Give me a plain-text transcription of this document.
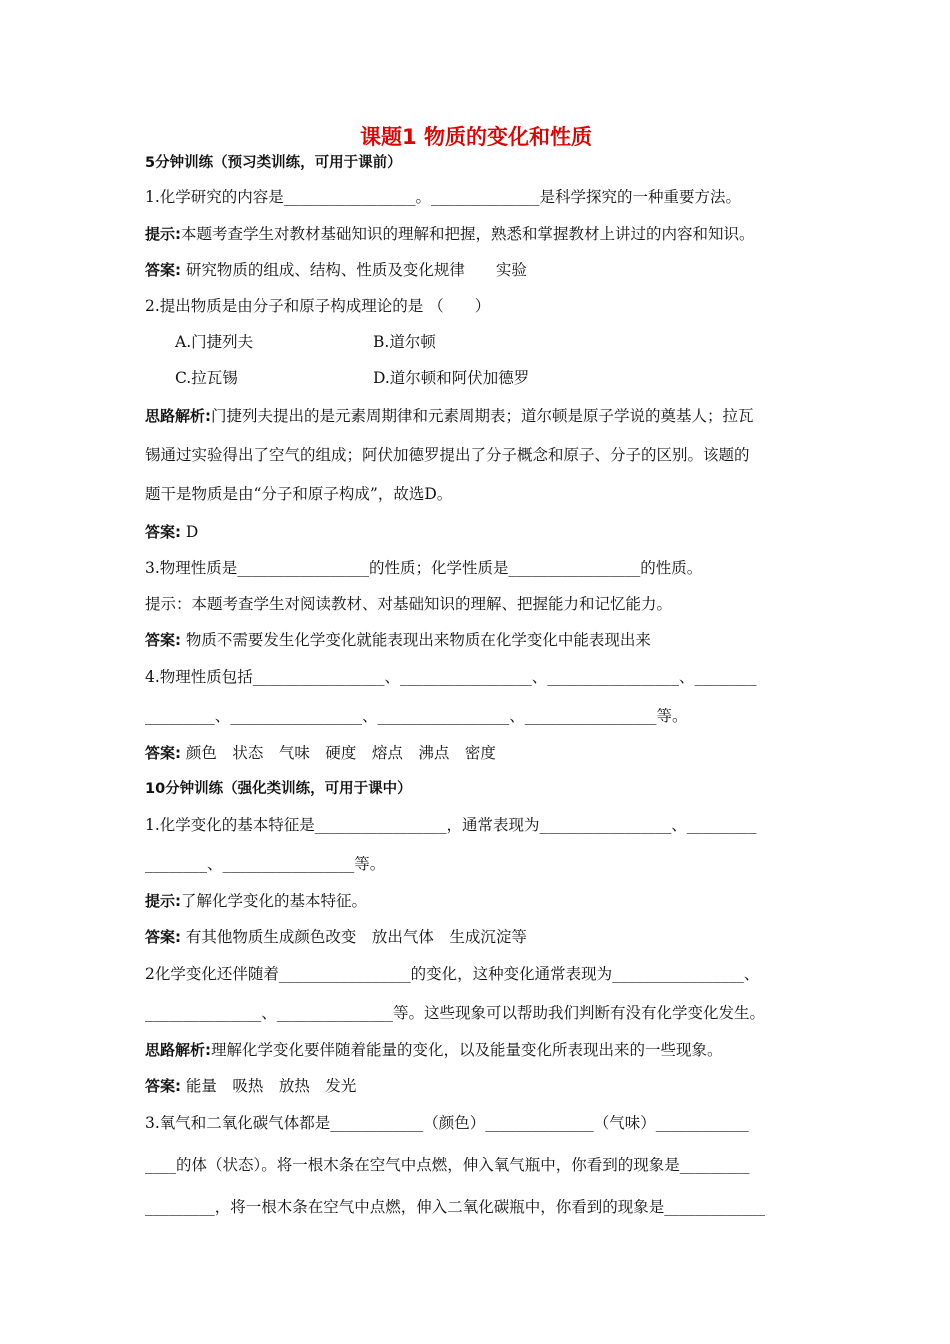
课题1 物质的变化和性质
5分钟训练（预习类训练，可用于课前）
1.化学研究的内容是_________________。______________是科学探究的一种重要方法。
提示:本题考查学生对教材基础知识的理解和把握，熟悉和掌握教材上讲过的内容和知识。
答案: 研究物质的组成、结构、性质及变化规律　　实验
2.提出物质是由分子和原子构成理论的是 （　　）
A.门捷列夫	B.道尔顿
C.拉瓦锡	D.道尔顿和阿伏加德罗
思路解析:门捷列夫提出的是元素周期律和元素周期表；道尔顿是原子学说的奠基人；拉瓦
锡通过实验得出了空气的组成；阿伏加德罗提出了分子概念和原子、分子的区别。该题的
题干是物质是由“分子和原子构成”，故选D。
答案: D
3.物理性质是_________________的性质；化学性质是_________________的性质。
提示：本题考查学生对阅读教材、对基础知识的理解、把握能力和记忆能力。
答案: 物质不需要发生化学变化就能表现出来物质在化学变化中能表现出来
4.物理性质包括_________________、_________________、_________________、________
_________、_________________、_________________、_________________等。
答案: 颜色　状态　气味　硬度　熔点　沸点　密度
10分钟训练（强化类训练，可用于课中）
1.化学变化的基本特征是_________________，通常表现为_________________、_________
________、_________________等。
提示:了解化学变化的基本特征。
答案: 有其他物质生成颜色改变　放出气体　生成沉淀等
2化学变化还伴随着_________________的变化，这种变化通常表现为_________________、
_______________、_______________等。这些现象可以帮助我们判断有没有化学变化发生。
思路解析:理解化学变化要伴随着能量的变化，以及能量变化所表现出来的一些现象。
答案: 能量　吸热　放热　发光
3.氧气和二氧化碳气体都是____________（颜色）______________（气味）____________
____的体（状态）。将一根木条在空气中点燃，伸入氧气瓶中，你看到的现象是_________
_________，将一根木条在空气中点燃，伸入二氧化碳瓶中，你看到的现象是_____________
